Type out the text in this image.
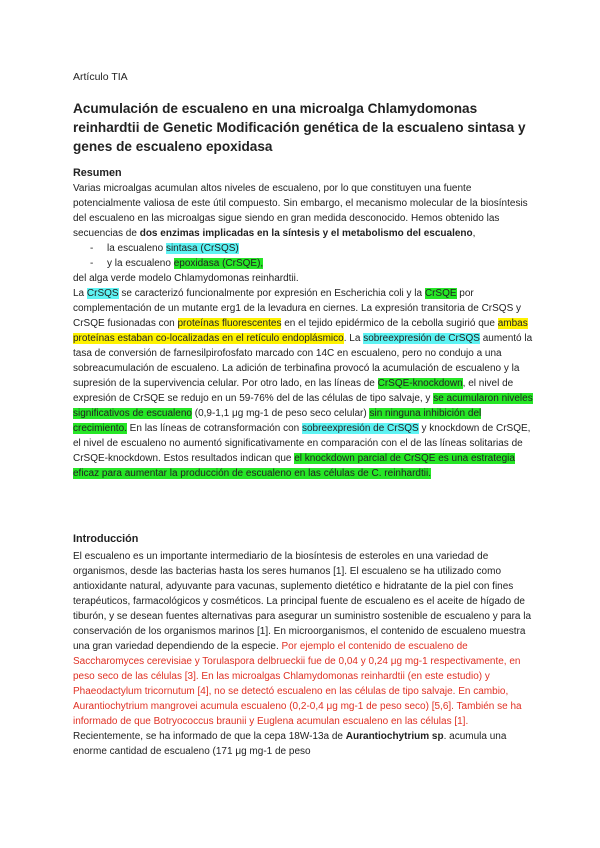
Artículo TIA
Acumulación de escualeno en una microalga Chlamydomonas reinhardtii de Genetic Modificación genética de la escualeno sintasa y genes de escualeno epoxidasa
Resumen

Varias microalgas acumulan altos niveles de escualeno, por lo que constituyen una fuente potencialmente valiosa de este útil compuesto. Sin embargo, el mecanismo molecular de la biosíntesis del escualeno en las microalgas sigue siendo en gran medida desconocido. Hemos obtenido las secuencias de dos enzimas implicadas en la síntesis y el metabolismo del escualeno,

-	la escualeno sintasa (CrSQS)
-	y la escualeno epoxidasa (CrSQE),

del alga verde modelo Chlamydomonas reinhardtii.

La CrSQS se caracterizó funcionalmente por expresión en Escherichia coli y la CrSQE por complementación de un mutante erg1 de la levadura en ciernes. La expresión transitoria de CrSQS y CrSQE fusionadas con proteínas fluorescentes en el tejido epidérmico de la cebolla sugirió que ambas proteínas estaban co-localizadas en el retículo endoplásmico. La sobreexpresión de CrSQS aumentó la tasa de conversión de farnesilpirofosfato marcado con 14C en escualeno, pero no condujo a una sobreacumulación de escualeno. La adición de terbinafina provocó la acumulación de escualeno y la supresión de la supervivencia celular. Por otro lado, en las líneas de CrSQE-knockdown, el nivel de expresión de CrSQE se redujo en un 59-76% del de las células de tipo salvaje, y se acumularon niveles significativos de escualeno (0,9-1,1 μg mg-1 de peso seco celular) sin ninguna inhibición del crecimiento. En las líneas de cotransformación con sobreexpresión de CrSQS y knockdown de CrSQE, el nivel de escualeno no aumentó significativamente en comparación con el de las líneas solitarias de CrSQE-knockdown. Estos resultados indican que el knockdown parcial de CrSQE es una estrategia eficaz para aumentar la producción de escualeno en las células de C. reinhardtii.

Introducción

El escualeno es un importante intermediario de la biosíntesis de esteroles en una variedad de organismos, desde las bacterias hasta los seres humanos [1]. El escualeno se ha utilizado como antioxidante natural, adyuvante para vacunas, suplemento dietético e hidratante de la piel con fines terapéuticos, farmacológicos y cosméticos. La principal fuente de escualeno es el aceite de hígado de tiburón, y se desean fuentes alternativas para asegurar un suministro sostenible de escualeno y para la conservación de los organismos marinos [1]. En microorganismos, el contenido de escualeno muestra una gran variedad dependiendo de la especie. Por ejemplo el contenido de escualeno de Saccharomyces cerevisiae y Torulaspora delbrueckii fue de 0,04 y 0,24 μg mg-1 respectivamente, en peso seco de las células [3]. En las microalgas Chlamydomonas reinhardtii (en este estudio) y Phaeodactylum tricornutum [4], no se detectó escualeno en las células de tipo salvaje. En cambio, Aurantiochytrium mangrovei acumula escualeno (0,2-0,4 μg mg-1 de peso seco) [5,6]. También se ha informado de que Botryococcus braunii y Euglena acumulan escualeno en las células [1]. Recientemente, se ha informado de que la cepa 18W-13a de Aurantiochytrium sp. acumula una enorme cantidad de escualeno (171 μg mg-1 de peso
